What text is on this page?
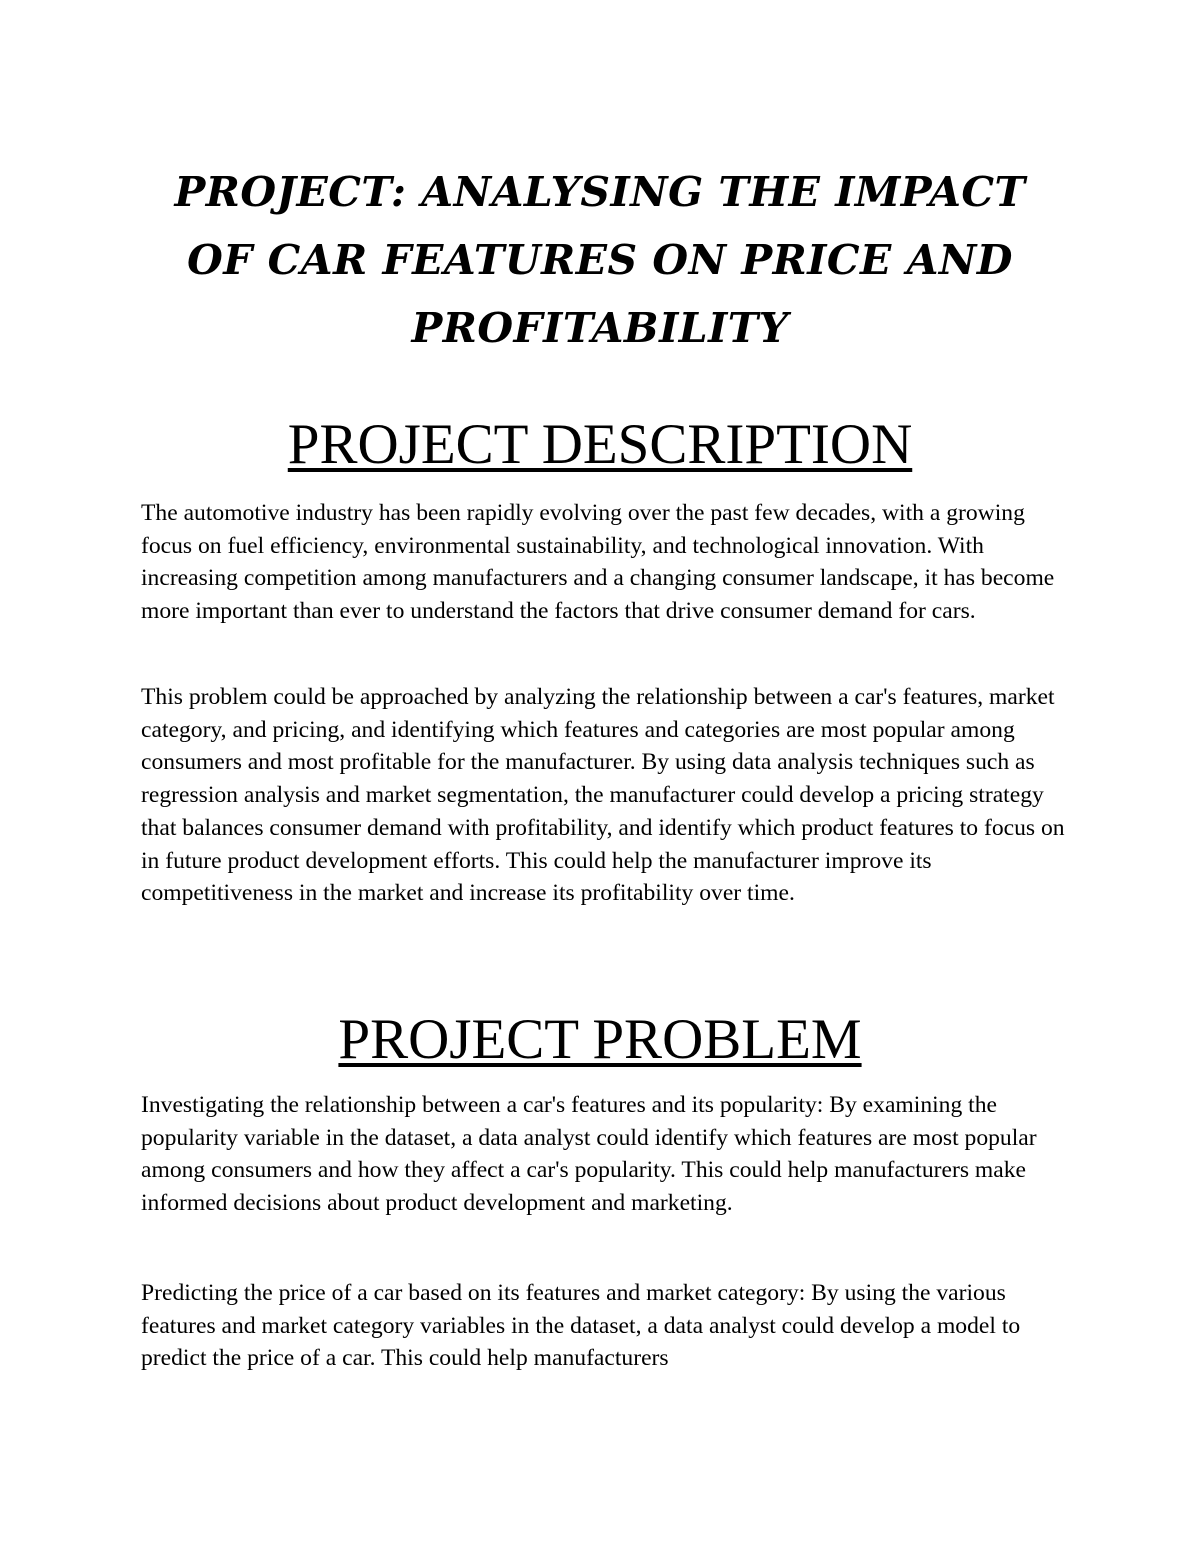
PROJECT: ANALYSING THE IMPACT OF CAR FEATURES ON PRICE AND PROFITABILITY
PROJECT DESCRIPTION

The automotive industry has been rapidly evolving over the past few decades, with a growing focus on fuel efficiency, environmental sustainability, and technological innovation. With increasing competition among manufacturers and a changing consumer landscape, it has become more important than ever to understand the factors that drive consumer demand for cars.

This problem could be approached by analyzing the relationship between a car's features, market category, and pricing, and identifying which features and categories are most popular among consumers and most profitable for the manufacturer. By using data analysis techniques such as regression analysis and market segmentation, the manufacturer could develop a pricing strategy that balances consumer demand with profitability, and identify which product features to focus on in future product development efforts. This could help the manufacturer improve its competitiveness in the market and increase its profitability over time.

PROJECT PROBLEM

Investigating the relationship between a car's features and its popularity: By examining the popularity variable in the dataset, a data analyst could identify which features are most popular among consumers and how they affect a car's popularity. This could help manufacturers make informed decisions about product development and marketing.

Predicting the price of a car based on its features and market category: By using the various features and market category variables in the dataset, a data analyst could develop a model to predict the price of a car. This could help manufacturers
